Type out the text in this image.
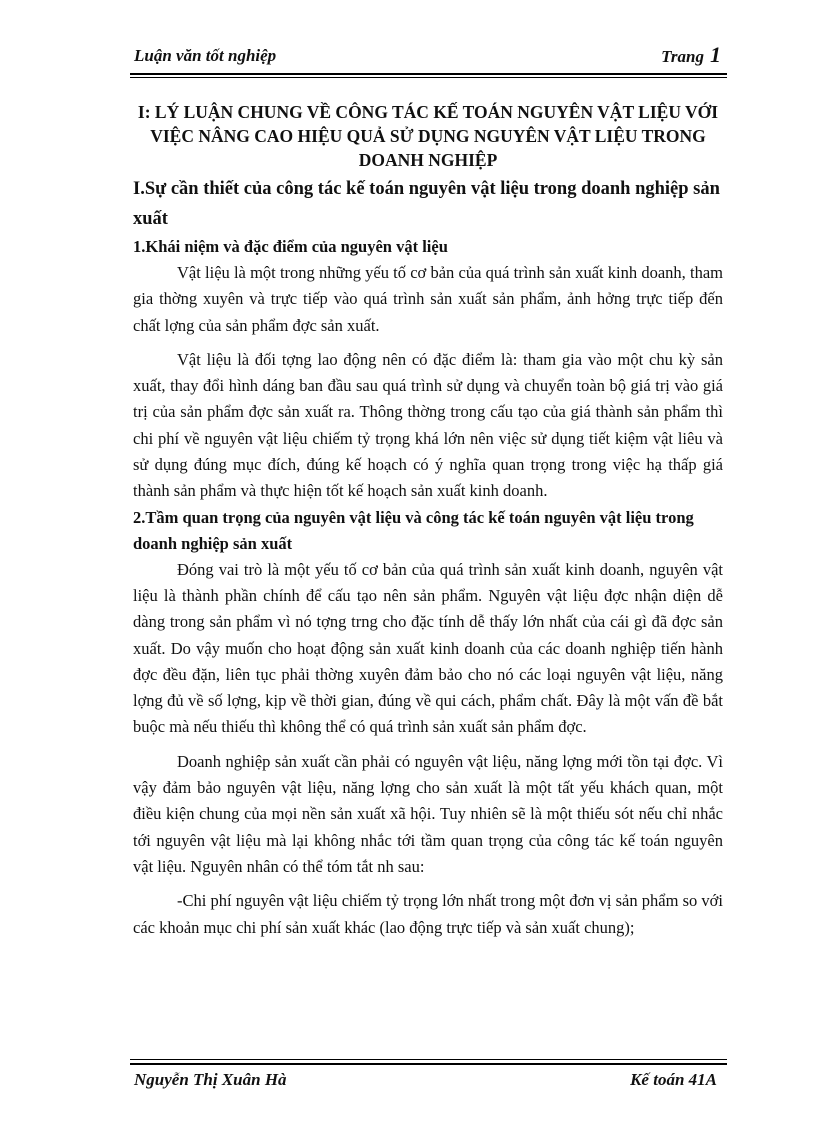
Luận văn tốt nghiệp	Trang 1
I: LÝ LUẬN CHUNG VỀ CÔNG TÁC KẾ TOÁN NGUYÊN VẬT LIỆU VỚI VIỆC NÂNG CAO HIỆU QUẢ SỬ DỤNG NGUYÊN VẬT LIỆU TRONG DOANH NGHIỆP
I.Sự cần thiết của công tác kế toán nguyên vật liệu trong doanh nghiệp sản xuất
1.Khái niệm và đặc điểm của nguyên vật liệu

Vật liệu là một trong những yếu tố cơ bản của quá trình sản xuất kinh doanh, tham gia thờng xuyên và trực tiếp vào quá trình sản xuất sản phẩm, ảnh hởng trực tiếp đến chất lợng của sản phẩm đợc sản xuất.

Vật liệu là đối tợng lao động nên có đặc điểm là: tham gia vào một chu kỳ sản xuất, thay đổi hình dáng ban đầu sau quá trình sử dụng và chuyển toàn bộ giá trị vào giá trị của sản phẩm đợc sản xuất ra. Thông thờng trong cấu tạo của giá thành sản phẩm thì chi phí về nguyên vật liệu chiếm tỷ trọng khá lớn nên việc sử dụng tiết kiệm vật liêu và sử dụng đúng mục đích, đúng kế hoạch có ý nghĩa quan trọng trong việc hạ thấp giá thành sản phẩm và thực hiện tốt kế hoạch sản xuất kinh doanh.

2.Tầm quan trọng của nguyên vật liệu và công tác kế toán nguyên vật liệu trong doanh nghiệp sản xuất

Đóng vai trò là một yếu tố cơ bản của quá trình sản xuất kinh doanh, nguyên vật liệu là thành phần chính để cấu tạo nên sản phẩm. Nguyên vật liệu đợc nhận diện dễ dàng trong sản phẩm vì nó tợng trng cho đặc tính dễ thấy lớn nhất của cái gì đã đợc sản xuất. Do vậy muốn cho hoạt động sản xuất kinh doanh của các doanh nghiệp tiến hành đợc đều đặn, liên tục phải thờng xuyên đảm bảo cho nó các loại nguyên vật liệu, năng lợng đủ về số lợng, kịp về thời gian, đúng về qui cách, phẩm chất. Đây là một vấn đề bắt buộc mà nếu thiếu thì không thể có quá trình sản xuất sản phẩm đợc.

Doanh nghiệp sản xuất cần phải có nguyên vật liệu, năng lợng mới tồn tại đợc. Vì vậy đảm bảo nguyên vật liệu, năng lợng cho sản xuất là một tất yếu khách quan, một điều kiện chung của mọi nền sản xuất xã hội. Tuy nhiên sẽ là một thiếu sót nếu chỉ nhắc tới nguyên vật liệu mà lại không nhắc tới tầm quan trọng của công tác kế toán nguyên vật liệu. Nguyên nhân có thể tóm tắt nh sau:

-Chi phí nguyên vật liệu chiếm tỷ trọng lớn nhất trong một đơn vị sản phẩm so với các khoản mục chi phí sản xuất khác (lao động trực tiếp và sản xuất chung);

Nguyễn Thị Xuân Hà	Kế toán 41A
